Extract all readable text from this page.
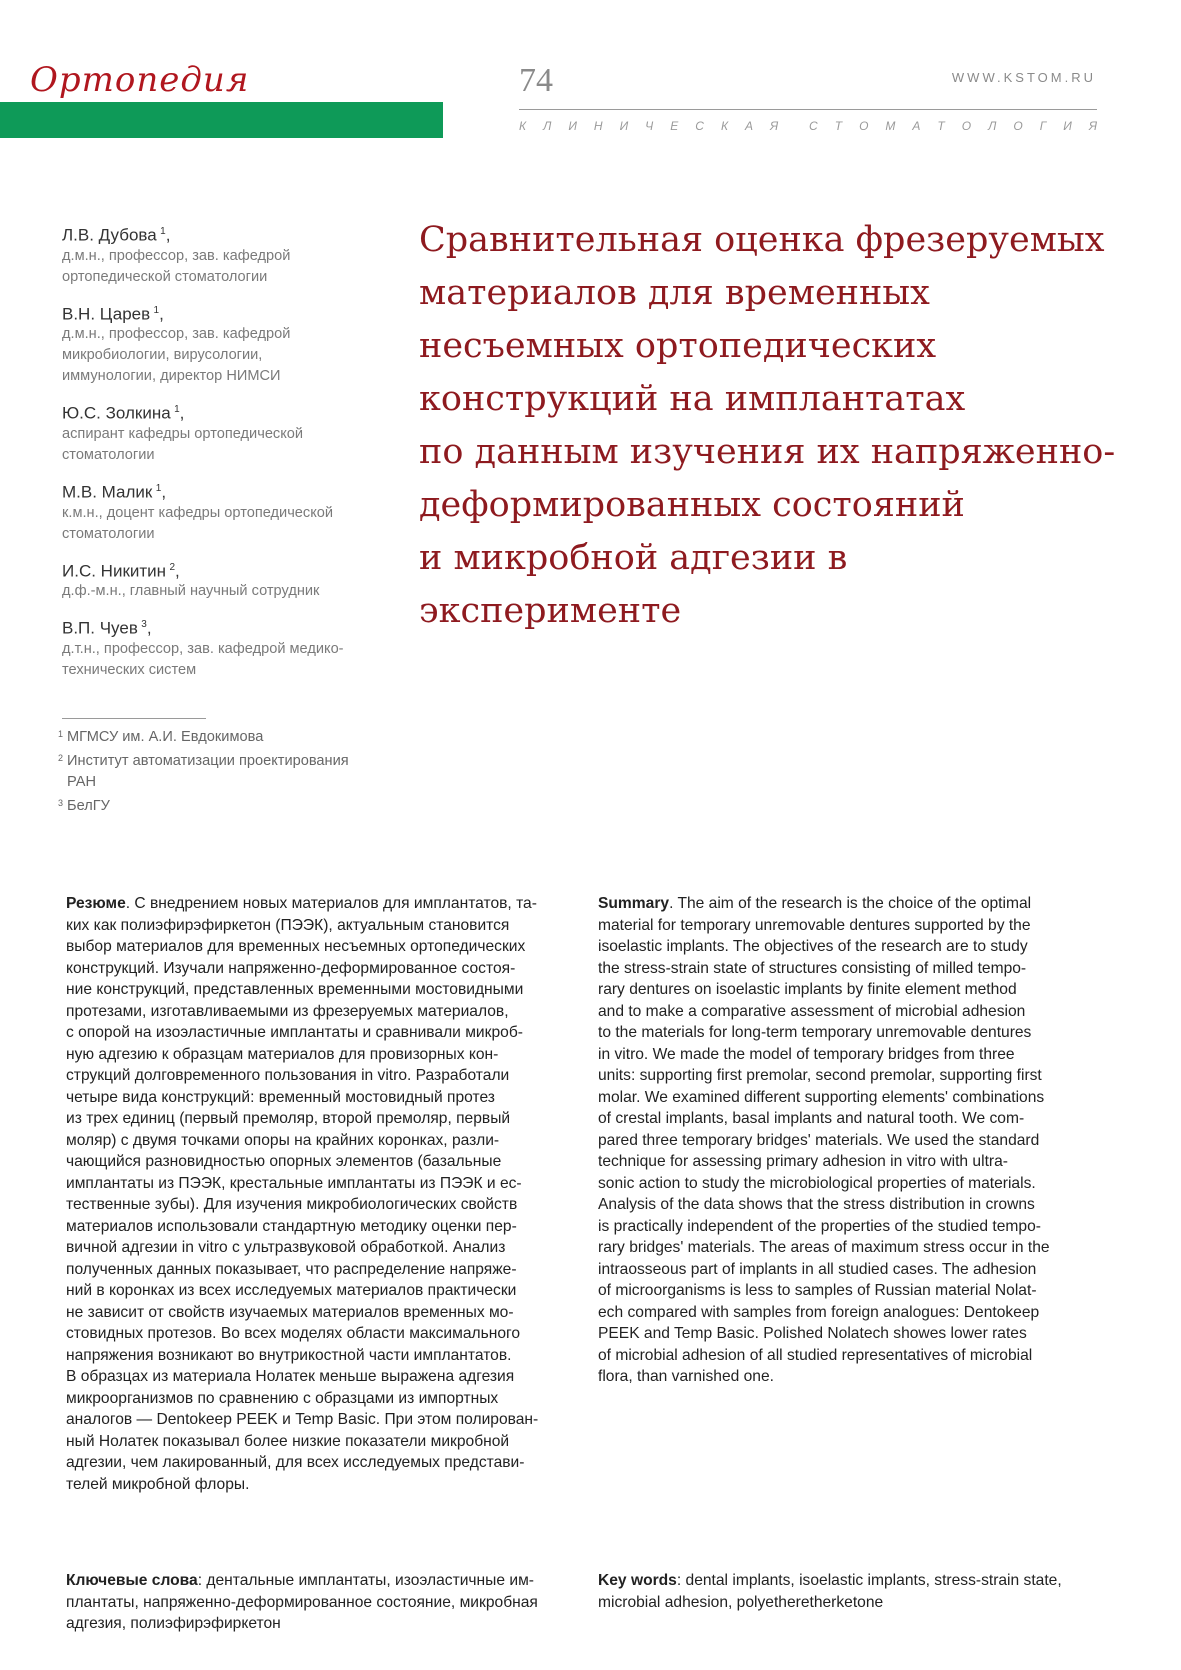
Ортопедия	74	WWW.KSTOM.RU
К Л И Н И Ч Е С К А Я	С Т О М А Т О Л О Г И Я
Л.В. Дубова  $^1$,
д.м.н., профессор, зав. кафедрой
ортопедической стоматологии
В.Н. Царев  $^1$,
д.м.н., профессор, зав. кафедрой
микробиологии, вирусологии,
иммунологии, директор НИМСИ
Ю.С. Золкина  $^1$,
аспирант кафедры ортопедической
стоматологии
М.В. Малик  $^1$,
к.м.н., доцент кафедры ортопедической
стоматологии
И.С. Никитин  $^2$,
д.ф.-м.н., главный научный сотрудник
В.П. Чуев  $^3$,
д.т.н., профессор, зав. кафедрой медико-
технических систем
1 МГМСУ им. А.И. Евдокимова
2 Институт автоматизации проектирования
РАН
3 БелГУ
Сравнительная оценка фрезеруемых
материалов для временных
несъемных ортопедических
конструкций на имплантатах
по данным изучения их напряженно-
деформированных состояний
и микробной адгезии в эксперименте
Резюме. С внедрением новых материалов для имплантатов, та-
ких как полиэфирэфиркетон (ПЭЭК), актуальным становится
выбор материалов для временных несъемных ортопедических
конструкций. Изучали напряженно-деформированное состоя-
ние конструкций, представленных временными мостовидными
протезами, изготавливаемыми из фрезеруемых материалов,
с опорой на изоэластичные имплантаты и сравнивали микроб-
ную адгезию к образцам материалов для провизорных кон-
струкций долговременного пользования in vitro. Разработали
четыре вида конструкций: временный мостовидный протез
из трех единиц (первый премоляр, второй премоляр, первый
моляр) с двумя точками опоры на крайних коронках, разли-
чающийся разновидностью опорных элементов (базальные
имплантаты из ПЭЭК, крестальные имплантаты из ПЭЭК и ес-
тественные зубы). Для изучения микробиологических свойств
материалов использовали стандартную методику оценки пер-
вичной адгезии in vitro с ультразвуковой обработкой. Анализ
полученных данных показывает, что распределение напряже-
ний в коронках из всех исследуемых материалов практически
не зависит от свойств изучаемых материалов временных мо-
стовидных протезов. Во всех моделях области максимального
напряжения возникают во внутрикостной части имплантатов.
В образцах из материала Нолатек меньше выражена адгезия
микроорганизмов по сравнению с образцами из импортных
аналогов — Dentokeep PEEK и Temp Basic. При этом полирован-
ный Нолатек показывал более низкие показатели микробной
адгезии, чем лакированный, для всех исследуемых представи-
телей микробной флоры.
Summary. The aim of the research is the choice of the optimal
material for temporary unremovable dentures supported by the
isoelastic implants. The objectives of the research are to study
the stress-strain state of structures consisting of milled tempo-
rary dentures on isoelastic implants by finite element method
and to make a comparative assessment of microbial adhesion
to the materials for long-term temporary unremovable dentures
in vitro. We made the model of temporary bridges from three
units: supporting first premolar, second premolar, supporting first
molar. We examined different supporting elements' combinations
of crestal implants, basal implants and natural tooth. We com-
pared three temporary bridges' materials. We used the standard
technique for assessing primary adhesion in vitro with ultra-
sonic action to study the microbiological properties of materials.
Analysis of the data shows that the stress distribution in crowns
is practically independent of the properties of the studied tempo-
rary bridges' materials. The areas of maximum stress occur in the
intraosseous part of implants in all studied cases. The adhesion
of microorganisms is less to samples of Russian material Nolat-
ech compared with samples from foreign analogues: Dentokeep
PEEK and Temp Basic. Polished Nolatech showes lower rates
of microbial adhesion of all studied representatives of microbial
flora, than varnished one.
Ключевые слова: дентальные имплантаты, изоэластичные им-
плантаты, напряженно-деформированное состояние, микробная
адгезия, полиэфирэфиркетон
Key words: dental implants, isoelastic implants, stress-strain state,
microbial adhesion, polyetheretherketone
